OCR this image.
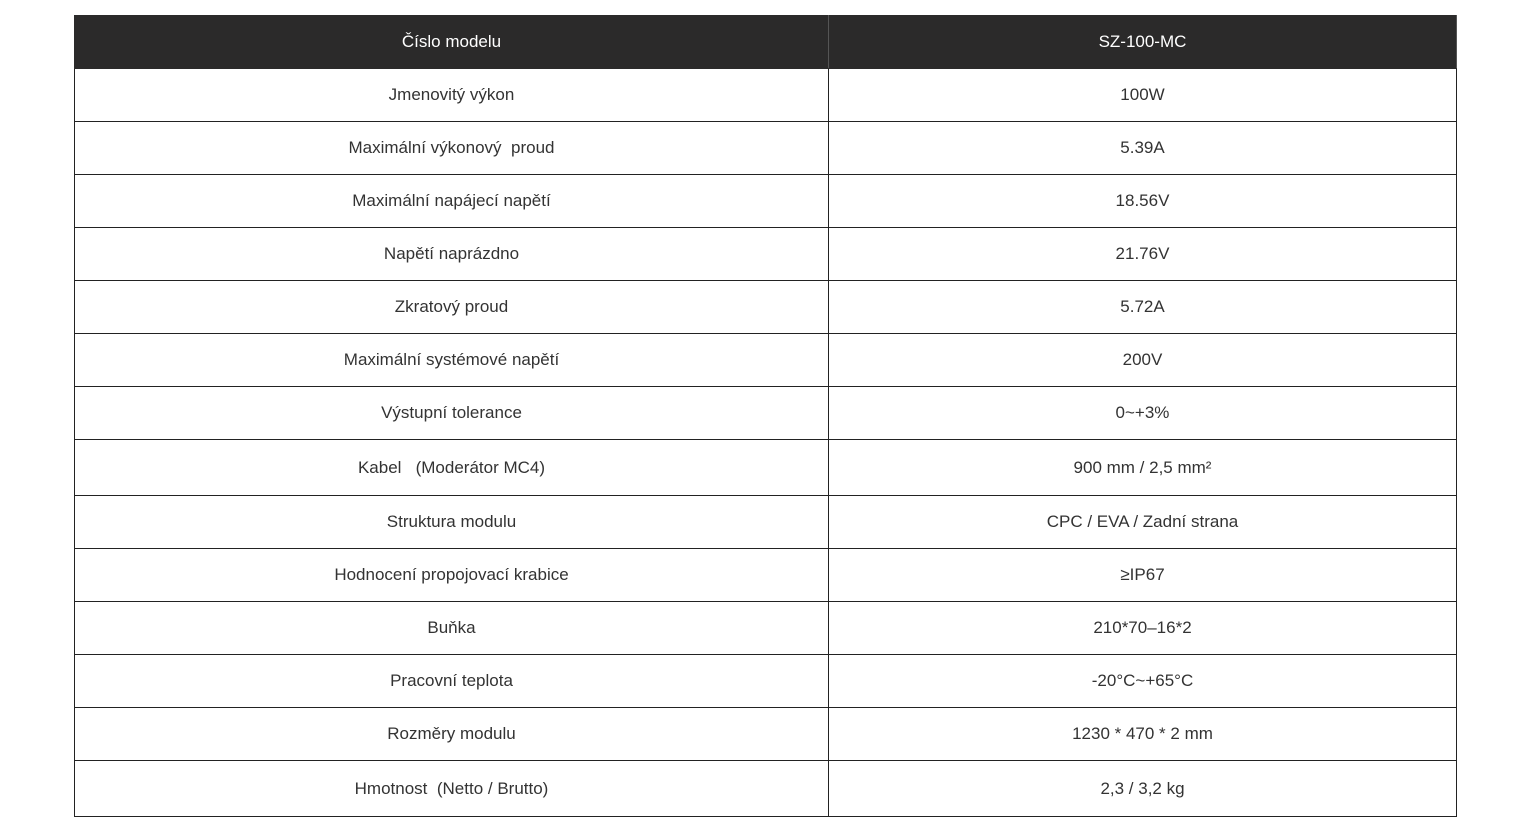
Číslo modelu	SZ-100-MC
Jmenovitý výkon	100W
Maximální výkonový  proud	5.39A
Maximální napájecí napětí	18.56V
Napětí naprázdno	21.76V
Zkratový proud	5.72A
Maximální systémové napětí	200V
Výstupní tolerance	0~+3%
Kabel   (Moderátor MC4)	900 mm / 2,5 mm²
Struktura modulu	CPC / EVA / Zadní strana
Hodnocení propojovací krabice	≥IP67
Buňka	210*70–16*2
Pracovní teplota	-20°C~+65°C
Rozměry modulu	1230 * 470 * 2 mm
Hmotnost  (Netto / Brutto)	2,3 / 3,2 kg
